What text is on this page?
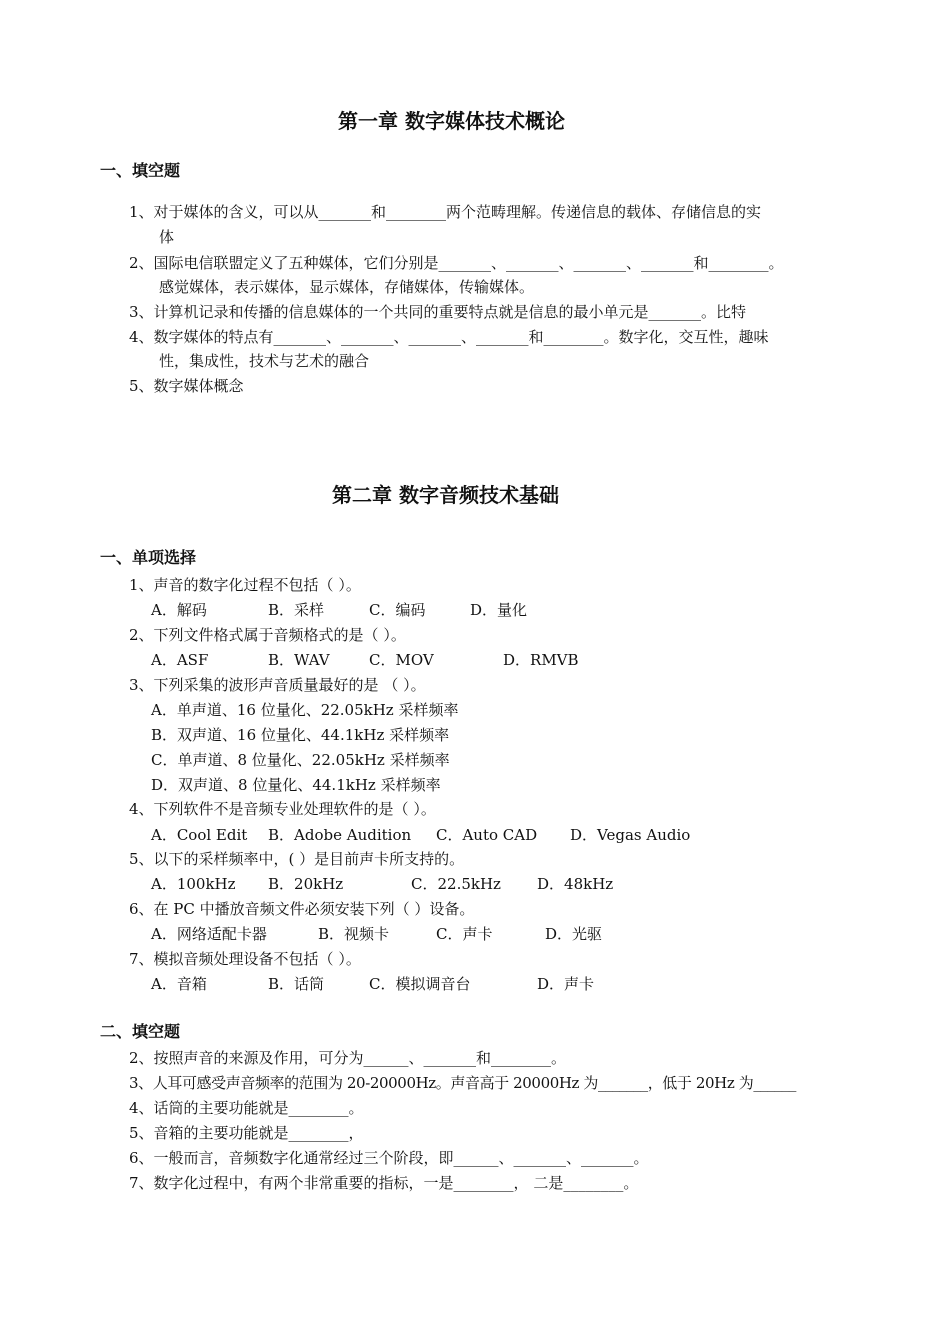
第一章 数字媒体技术概论
一、填空题
1、对于媒体的含义，可以从_______和________两个范畴理解。传递信息的载体、存储信息的实
体
2、国际电信联盟定义了五种媒体，它们分别是_______、_______、_______、_______和________。
感觉媒体，表示媒体，显示媒体，存储媒体，传输媒体。
3、计算机记录和传播的信息媒体的一个共同的重要特点就是信息的最小单元是_______。比特
4、数字媒体的特点有_______、_______、_______、_______和________。数字化，交互性，趣味
性，集成性，技术与艺术的融合
5、数字媒体概念
第二章 数字音频技术基础
一、单项选择
1、声音的数字化过程不包括（ ）。
A．解码	B．采样	C．编码	D．量化
2、下列文件格式属于音频格式的是（ ）。
A．ASF	B．WAV	C．MOV	D．RMVB
3、下列采集的波形声音质量最好的是 （ ）。
A．单声道、16 位量化、22.05kHz 采样频率
B．双声道、16 位量化、44.1kHz 采样频率
C．单声道、8 位量化、22.05kHz 采样频率
D．双声道、8 位量化、44.1kHz 采样频率
4、下列软件不是音频专业处理软件的是（ ）。
A．Cool Edit B．Adobe Audition C．Auto CAD D．Vegas Audio
5、以下的采样频率中，( ）是目前声卡所支持的。
A．100kHz B．20kHz	C．22.5kHz D．48kHz
6、在 PC 中播放音频文件必须安装下列（ ）设备。
A．网络适配卡器	B．视频卡	C．声卡	D．光驱
7、模拟音频处理设备不包括（ ）。
A．音箱	B．话筒	C．模拟调音台	D．声卡
二、填空题
2、按照声音的来源及作用，可分为______、_______和________。
3、人耳可感受声音频率的范围为 20-20000Hz。声音高于 20000Hz 为_______，低于 20Hz 为______
4、话筒的主要功能就是________。
5、音箱的主要功能就是________，
6、一般而言，音频数字化通常经过三个阶段，即______、_______、_______。
7、数字化过程中，有两个非常重要的指标，一是________， 二是________。
